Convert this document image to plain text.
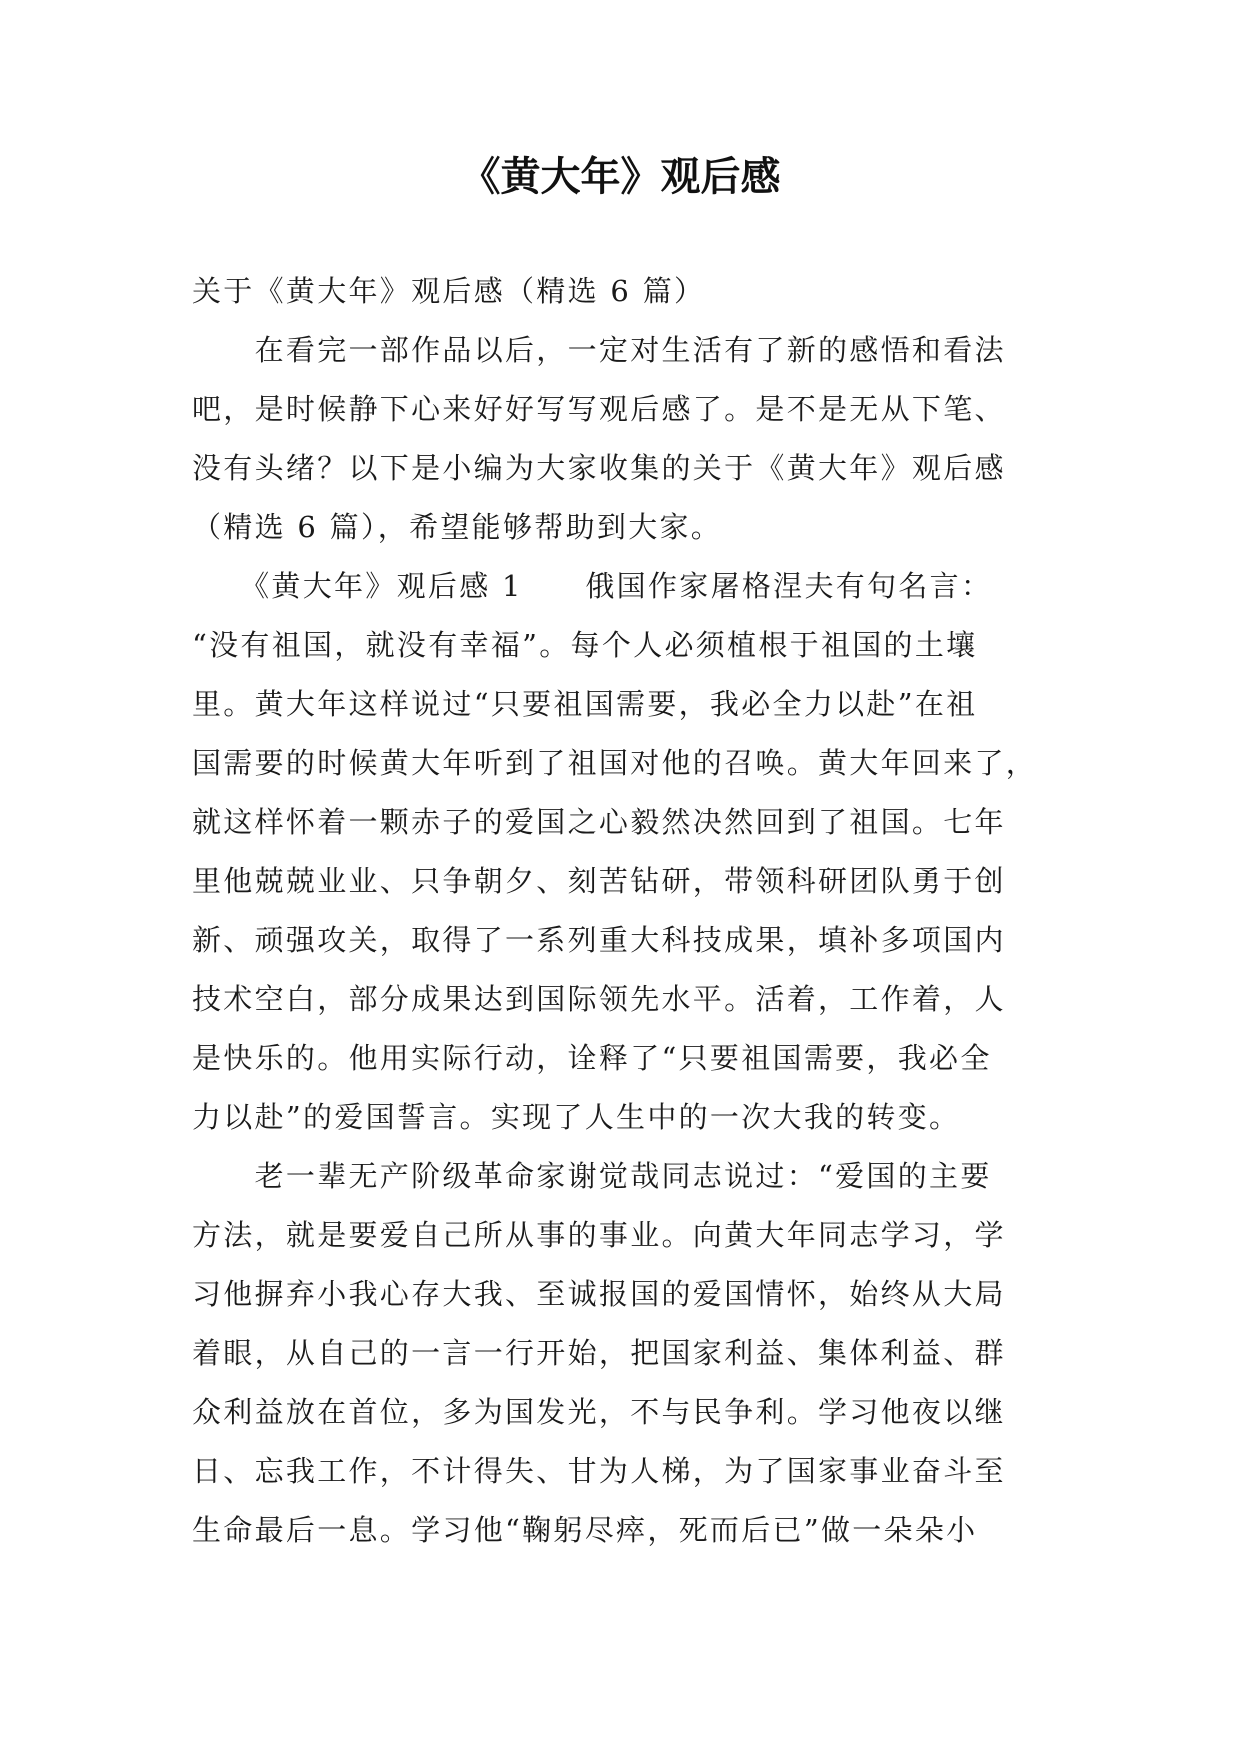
《黄大年》观后感
关于《黄大年》观后感（精选 6 篇）
　　在看完一部作品以后，一定对生活有了新的感悟和看法
吧，是时候静下心来好好写写观后感了。是不是无从下笔、
没有头绪？以下是小编为大家收集的关于《黄大年》观后感
（精选 6 篇），希望能够帮助到大家。
　　《黄大年》观后感 1　　俄国作家屠格涅夫有句名言：
“没有祖国，就没有幸福”。每个人必须植根于祖国的土壤
里。黄大年这样说过“只要祖国需要，我必全力以赴”在祖
国需要的时候黄大年听到了祖国对他的召唤。黄大年回来了，
就这样怀着一颗赤子的爱国之心毅然决然回到了祖国。七年
里他兢兢业业、只争朝夕、刻苦钻研，带领科研团队勇于创
新、顽强攻关，取得了一系列重大科技成果，填补多项国内
技术空白，部分成果达到国际领先水平。活着，工作着，人
是快乐的。他用实际行动，诠释了“只要祖国需要，我必全
力以赴”的爱国誓言。实现了人生中的一次大我的转变。
　　老一辈无产阶级革命家谢觉哉同志说过：“爱国的主要
方法，就是要爱自己所从事的事业。向黄大年同志学习，学
习他摒弃小我心存大我、至诚报国的爱国情怀，始终从大局
着眼，从自己的一言一行开始，把国家利益、集体利益、群
众利益放在首位，多为国发光，不与民争利。学习他夜以继
日、忘我工作，不计得失、甘为人梯，为了国家事业奋斗至
生命最后一息。学习他“鞠躬尽瘁，死而后已”做一朵朵小
